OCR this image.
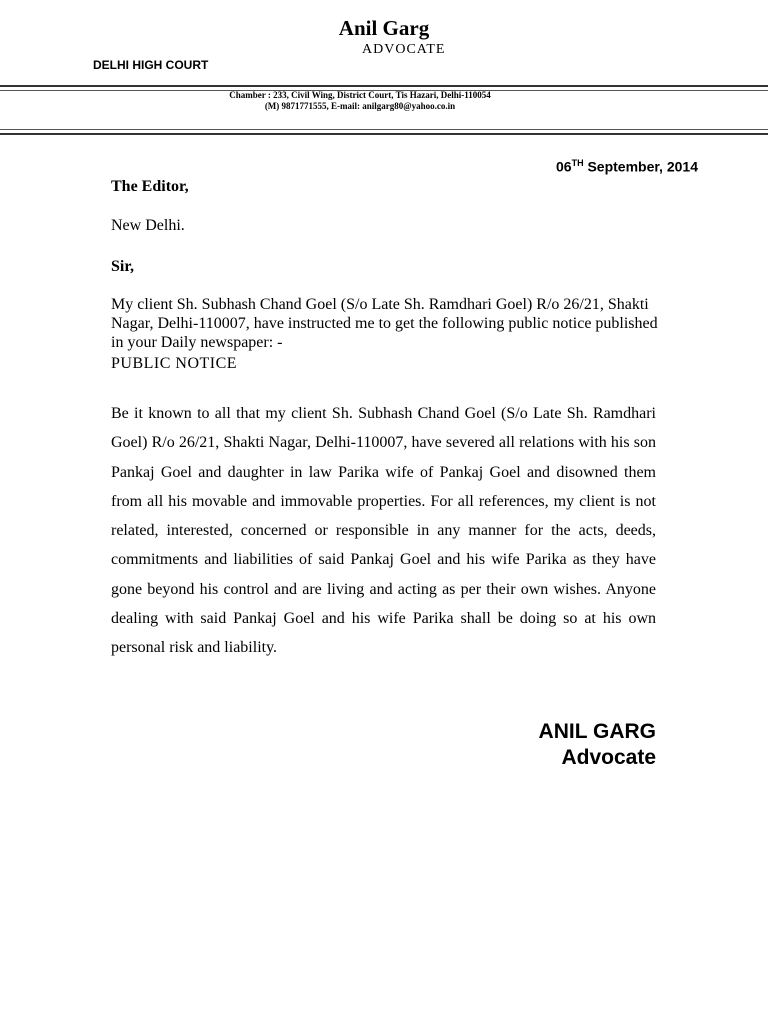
Anil Garg
ADVOCATE
DELHI HIGH COURT
Chamber : 233, Civil Wing, District Court, Tis Hazari, Delhi-110054
(M) 9871771555, E-mail: anilgarg80@yahoo.co.in
06TH September, 2014
The Editor,
New Delhi.
Sir,
My client Sh. Subhash Chand Goel (S/o Late Sh. Ramdhari Goel) R/o 26/21, Shakti Nagar, Delhi-110007, have instructed me to get the following public notice published in your Daily newspaper: -
PUBLIC NOTICE
Be it known to all that my client Sh. Subhash Chand Goel (S/o Late Sh. Ramdhari Goel) R/o 26/21, Shakti Nagar, Delhi-110007, have severed all relations with his son Pankaj Goel and daughter in law Parika wife of Pankaj Goel and disowned them from all his movable and immovable properties. For all references, my client is not related, interested, concerned or responsible in any manner for the acts, deeds, commitments and liabilities of said Pankaj Goel and his wife Parika as they have gone beyond his control and are living and acting as per their own wishes. Anyone dealing with said Pankaj Goel and his wife Parika shall be doing so at his own personal risk and liability.
ANIL GARG
Advocate
